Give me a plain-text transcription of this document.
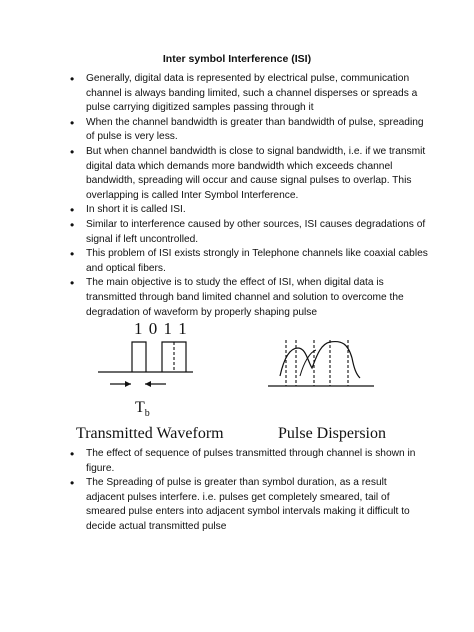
Inter symbol Interference (ISI)
• Generally, digital data is represented by electrical pulse, communication channel is always banding limited, such a channel disperses or spreads a pulse carrying digitized samples passing through it
• When the channel bandwidth is greater than bandwidth of pulse, spreading of pulse is very less.
• But when channel bandwidth is close to signal bandwidth, i.e. if we transmit digital data which demands more bandwidth which exceeds channel bandwidth, spreading will occur and cause signal pulses to overlap. This overlapping is called Inter Symbol Interference.
• In short it is called ISI.
• Similar to interference caused by other sources, ISI causes degradations of signal if left uncontrolled.
• This problem of ISI exists strongly in Telephone channels like coaxial cables and optical fibers.
• The main objective is to study the effect of ISI, when digital data is transmitted through band limited channel and solution to overcome the degradation of waveform by properly shaping pulse
1 0 1 1
$T_b$
Transmitted Waveform	Pulse Dispersion
• The effect of sequence of pulses transmitted through channel is shown in figure.
• The Spreading of pulse is greater than symbol duration, as a result adjacent pulses interfere. i.e. pulses get completely smeared, tail of smeared pulse enters into adjacent symbol intervals making it difficult to decide actual transmitted pulse
